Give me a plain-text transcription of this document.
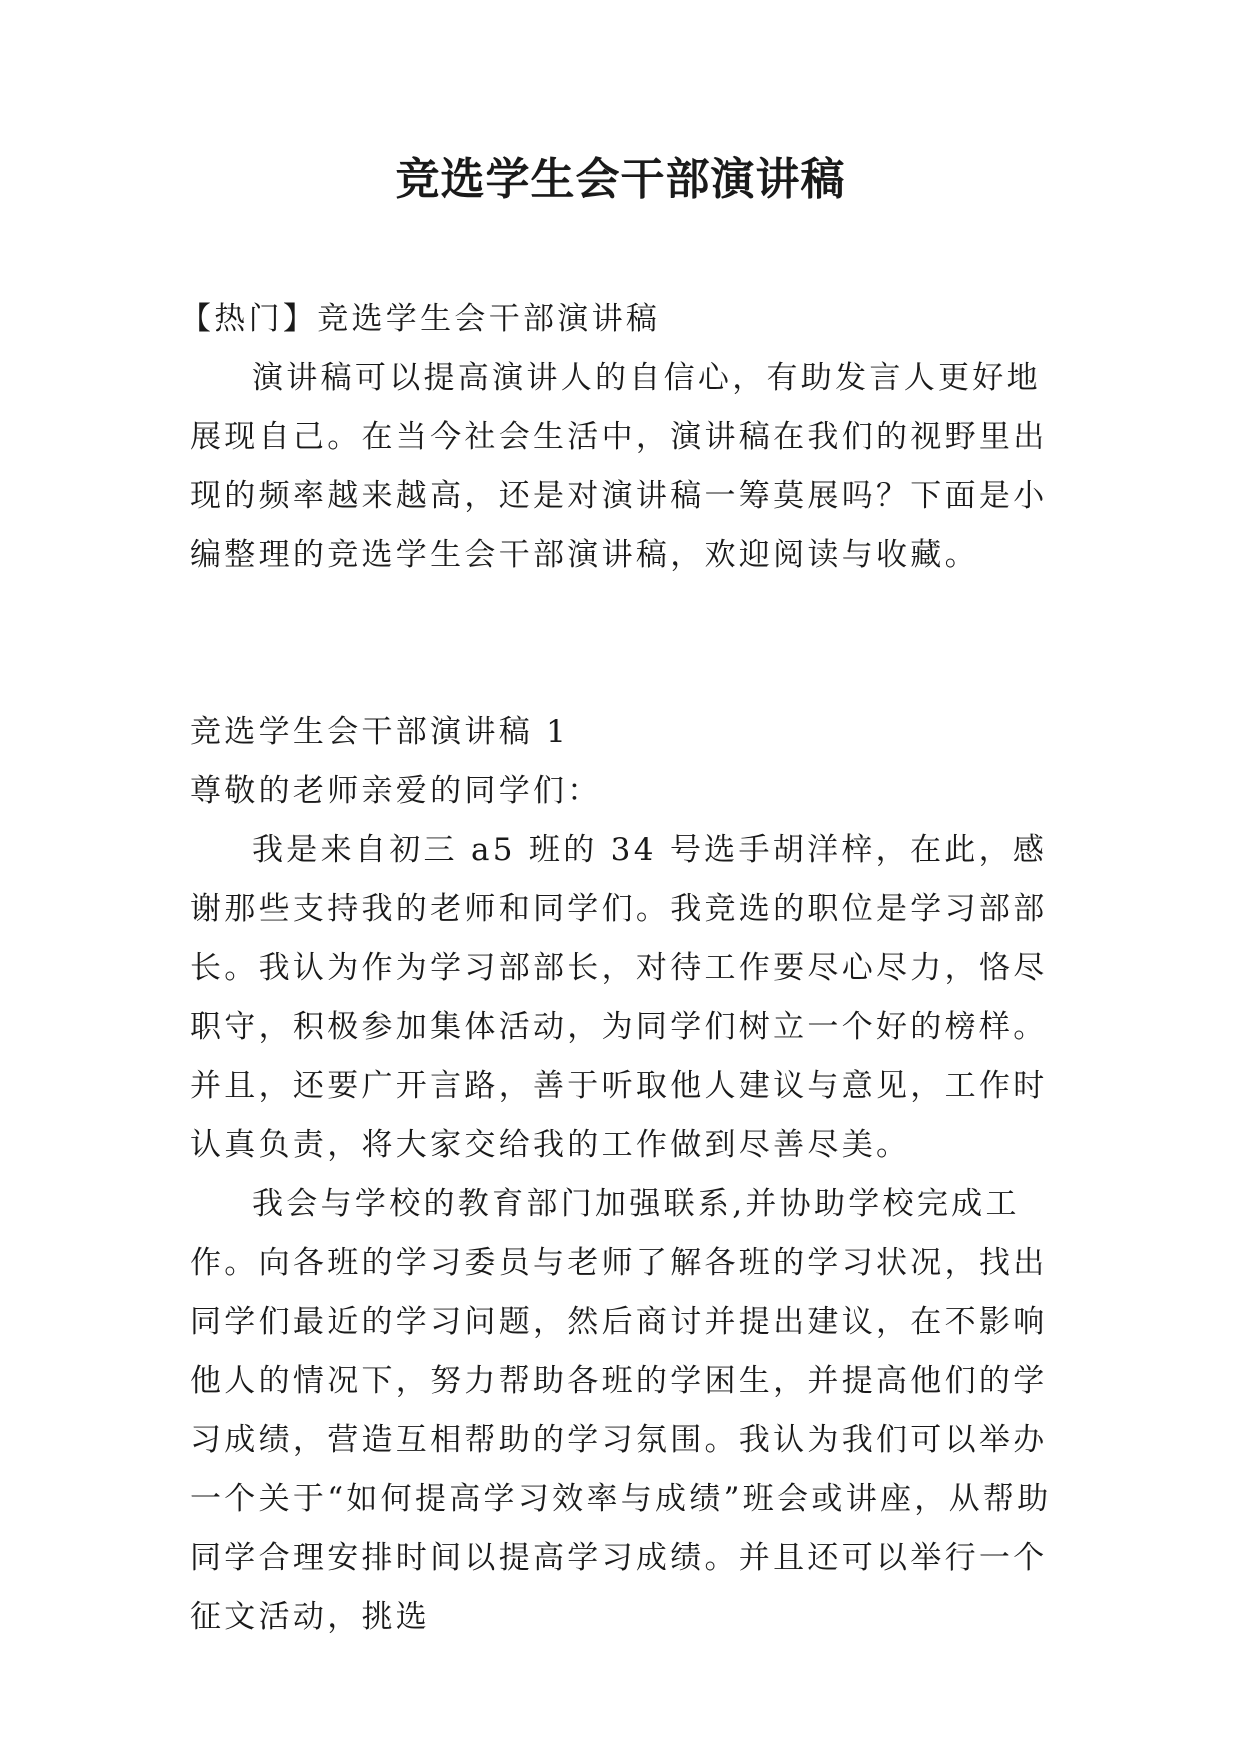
竞选学生会干部演讲稿

【热门】竞选学生会干部演讲稿

演讲稿可以提高演讲人的自信心，有助发言人更好地展现自己。在当今社会生活中，演讲稿在我们的视野里出现的频率越来越高，还是对演讲稿一筹莫展吗？下面是小编整理的竞选学生会干部演讲稿，欢迎阅读与收藏。

竞选学生会干部演讲稿 1

尊敬的老师亲爱的同学们：

我是来自初三 a5 班的 34 号选手胡洋梓，在此，感谢那些支持我的老师和同学们。我竞选的职位是学习部部长。我认为作为学习部部长，对待工作要尽心尽力，恪尽职守，积极参加集体活动，为同学们树立一个好的榜样。并且，还要广开言路，善于听取他人建议与意见，工作时认真负责，将大家交给我的工作做到尽善尽美。

我会与学校的教育部门加强联系,并协助学校完成工作。向各班的学习委员与老师了解各班的学习状况，找出同学们最近的学习问题，然后商讨并提出建议，在不影响他人的情况下，努力帮助各班的学困生，并提高他们的学习成绩，营造互相帮助的学习氛围。我认为我们可以举办一个关于“如何提高学习效率与成绩”班会或讲座，从帮助同学合理安排时间以提高学习成绩。并且还可以举行一个征文活动，挑选
